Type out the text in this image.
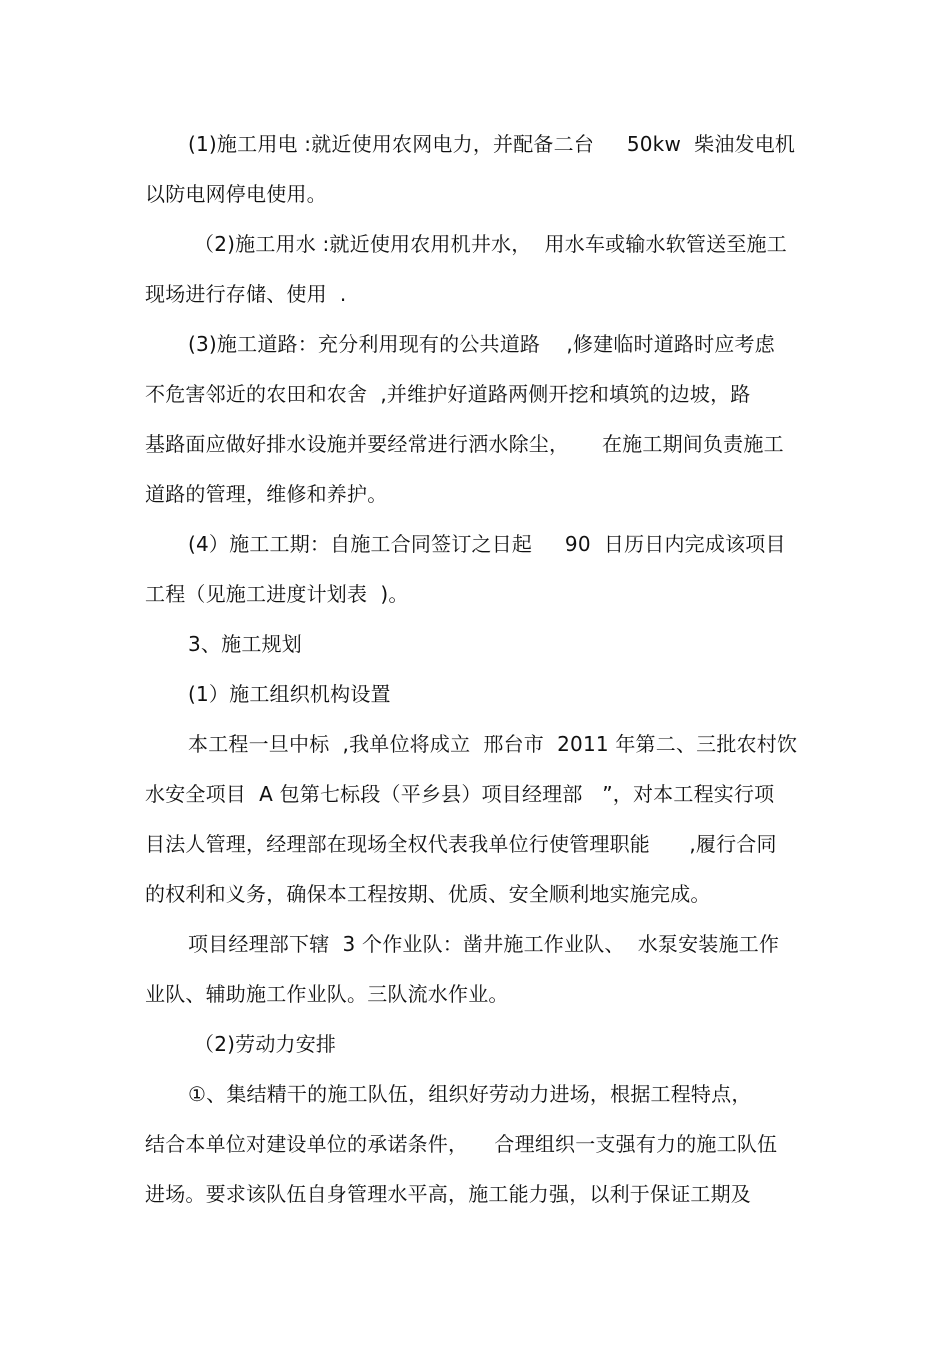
(1)施工用电 :就近使用农网电力，并配备二台     50kw  柴油发电机
以防电网停电使用。
（2)施工用水 :就近使用农用机井水，  用水车或输水软管送至施工
现场进行存储、使用  .
(3)施工道路：充分利用现有的公共道路    ,修建临时道路时应考虑
不危害邻近的农田和农舍  ,并维护好道路两侧开挖和填筑的边坡，路
基路面应做好排水设施并要经常进行洒水除尘，     在施工期间负责施工
道路的管理，维修和养护。
(4）施工工期：自施工合同签订之日起     90  日历日内完成该项目
工程（见施工进度计划表  )。
3、施工规划
(1）施工组织机构设置
本工程一旦中标  ,我单位将成立  邢台市  2011 年第二、三批农村饮
水安全项目  A 包第七标段（平乡县）项目经理部   ”，对本工程实行项
目法人管理，经理部在现场全权代表我单位行使管理职能      ,履行合同
的权利和义务，确保本工程按期、优质、安全顺利地实施完成。
项目经理部下辖  3 个作业队：凿井施工作业队、  水泵安装施工作
业队、辅助施工作业队。三队流水作业。
（2)劳动力安排
①、集结精干的施工队伍，组织好劳动力进场，根据工程特点，
结合本单位对建设单位的承诺条件，    合理组织一支强有力的施工队伍
进场。要求该队伍自身管理水平高，施工能力强，以利于保证工期及
